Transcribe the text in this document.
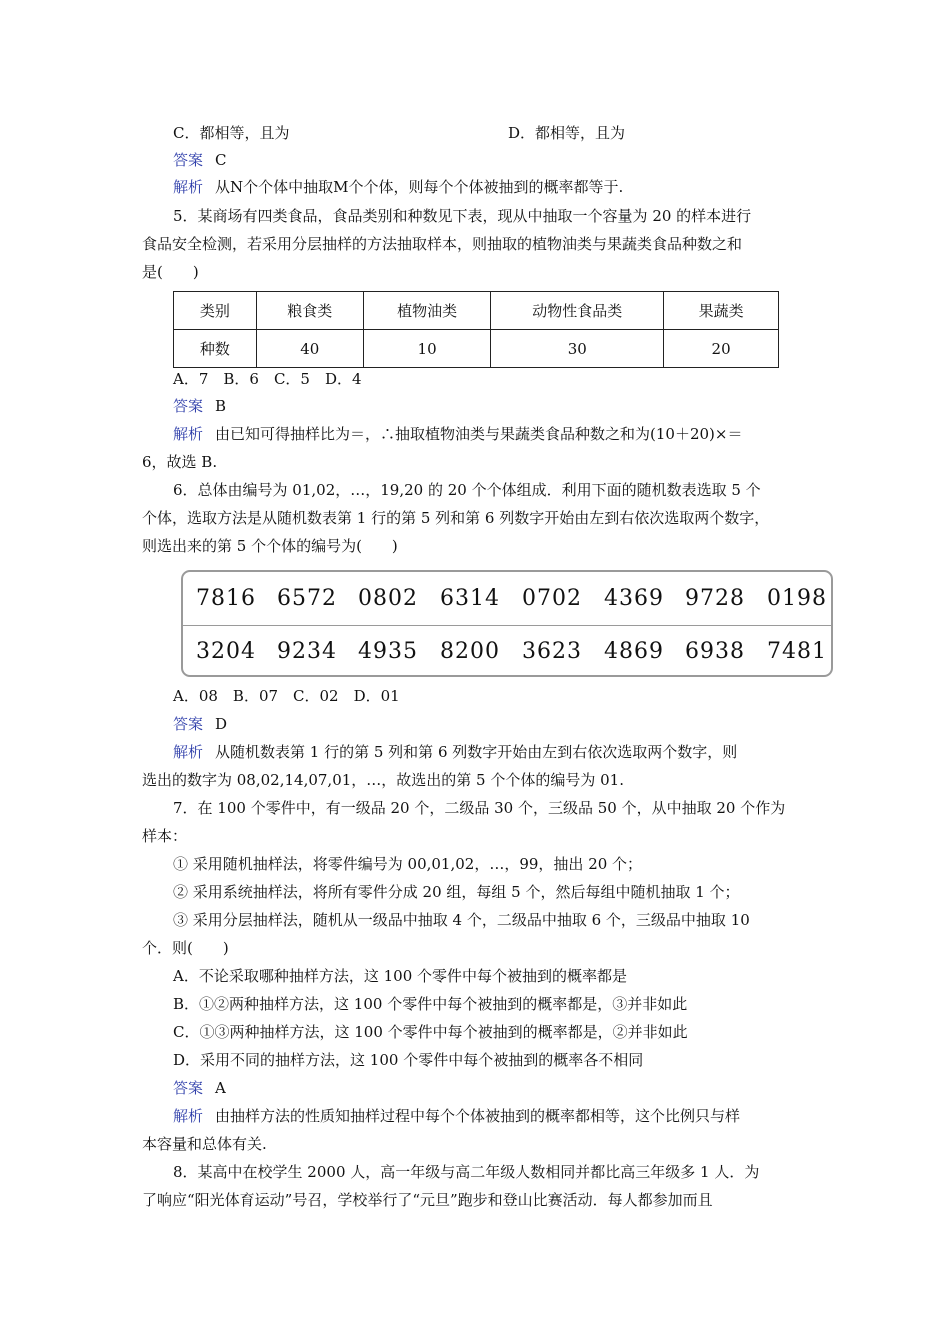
C．都相等，且为	D．都相等，且为
答案 C
解析 从N个个体中抽取M个个体，则每个个体被抽到的概率都等于.
5．某商场有四类食品，食品类别和种数见下表，现从中抽取一个容量为 20 的样本进行
食品安全检测，若采用分层抽样的方法抽取样本，则抽取的植物油类与果蔬类食品种数之和
是(　　)
类别	粮食类	植物油类	动物性食品类	果蔬类
种数	40	10	30	20
A．7　B．6　C．5　D．4
答案 B
解析 由已知可得抽样比为＝，∴抽取植物油类与果蔬类食品种数之和为(10＋20)×＝
6，故选 B.
6．总体由编号为 01,02，…，19,20 的 20 个个体组成．利用下面的随机数表选取 5 个
个体，选取方法是从随机数表第 1 行的第 5 列和第 6 列数字开始由左到右依次选取两个数字，
则选出来的第 5 个个体的编号为(　　)
7816 6572 0802 6314 0702 4369 9728 0198
3204 9234 4935 8200 3623 4869 6938 7481
A．08　B．07　C．02　D．01
答案 D
解析 从随机数表第 1 行的第 5 列和第 6 列数字开始由左到右依次选取两个数字，则
选出的数字为 08,02,14,07,01，…，故选出的第 5 个个体的编号为 01.
7．在 100 个零件中，有一级品 20 个，二级品 30 个，三级品 50 个，从中抽取 20 个作为
样本：
① 采用随机抽样法，将零件编号为 00,01,02，…，99，抽出 20 个；
② 采用系统抽样法，将所有零件分成 20 组，每组 5 个，然后每组中随机抽取 1 个；
③ 采用分层抽样法，随机从一级品中抽取 4 个，二级品中抽取 6 个，三级品中抽取 10
个．则(　　)
A．不论采取哪种抽样方法，这 100 个零件中每个被抽到的概率都是
B．①②两种抽样方法，这 100 个零件中每个被抽到的概率都是，③并非如此
C．①③两种抽样方法，这 100 个零件中每个被抽到的概率都是，②并非如此
D．采用不同的抽样方法，这 100 个零件中每个被抽到的概率各不相同
答案 A
解析 由抽样方法的性质知抽样过程中每个个体被抽到的概率都相等，这个比例只与样
本容量和总体有关.
8．某高中在校学生 2000 人，高一年级与高二年级人数相同并都比高三年级多 1 人．为
了响应“阳光体育运动”号召，学校举行了“元旦”跑步和登山比赛活动．每人都参加而且
